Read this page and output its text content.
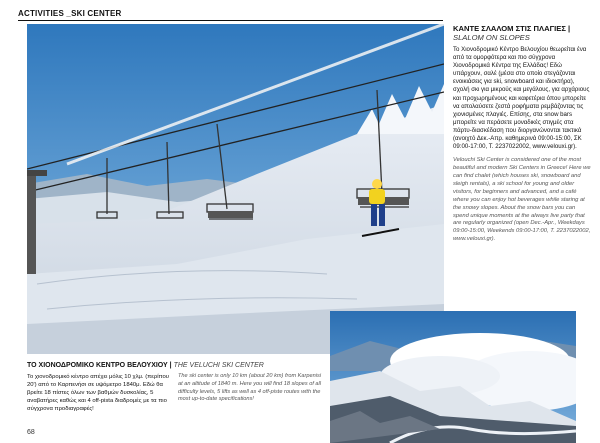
ACTIVITIES _SKI CENTER
ΚΑΝΤΕ ΣΛΑΛΟΜ ΣΤΙΣ ΠΛΑΓΙΕΣ |
SLALOM ON SLOPES
Το Χιονοδρομικό Κέντρο Βελουχίου θεωρείται ένα από τα ομορφότερα και πιο σύγχρονα Χιονοδρομικά Κέντρα της Ελλάδας! Εδώ υπάρχουν, σαλέ (μέσα στο οποίο στεγάζονται ενοικιάσεις για ski, snowboard και ιδιοκτήρα), σχολή σκι για μικρούς και μεγάλους, για αρχάριους και προχωρημένους και καφετέρια όπου μπορείτε να απολαύσετε ζεστά ροφήματα ρεμβάζοντας τις χιονισμένες πλαγιές. Επίσης, στα snow bars μπορείτε να περάσετε μοναδικές στιγμές στα πάρτυ-διασκέδαση που διοργανώνονται τακτικά (ανοιχτό Δεκ.-Απρ. καθημερινά 09:00-15:00, ΣΚ 09:00-17:00, Τ. 2237022002, www.velouxi.gr).
Velouchi Ski Center is considered one of the most beautiful and modern Ski Centers in Greece! Here we can find chalet (which houses ski, snowboard and sleigh rentals), a ski school for young and older visitors, for beginners and advanced, and a café where you can enjoy hot beverages while staring at the snowy slopes. About the snow bars you can spend unique moments at the always live party that are regularly organized (open Dec.-Apr., Weekdays 09:00-15:00, Weekends 09:00-17:00, T. 2237022002, www.velouxi.gr).
ΤΟ ΧΙΟΝΟΔΡΟΜΙΚΟ ΚΕΝΤΡΟ ΒΕΛΟΥΧΙΟΥ | THE VELUCHI SKI CENTER
Το χιονοδρομικό κέντρο απέχει μόλις 10 χλμ. (περίπου 20') από το Καρπενήσι σε υψόμετρο 1840μ. Εδώ θα βρείτε 18 πίστες όλων των βαθμών δυσκολίας, 5 αναβατήρες καθώς και 4 off-pista διαδρομές με τα πιο σύγχρονα προδιαγραφές!
The ski center is only 10 km (about 20 km) from Karpenisi at an altitude of 1840 m. Here you will find 18 slopes of all difficulty levels, 5 lifts as well as 4 off-piste routes with the most up-to-date specifications!
68
